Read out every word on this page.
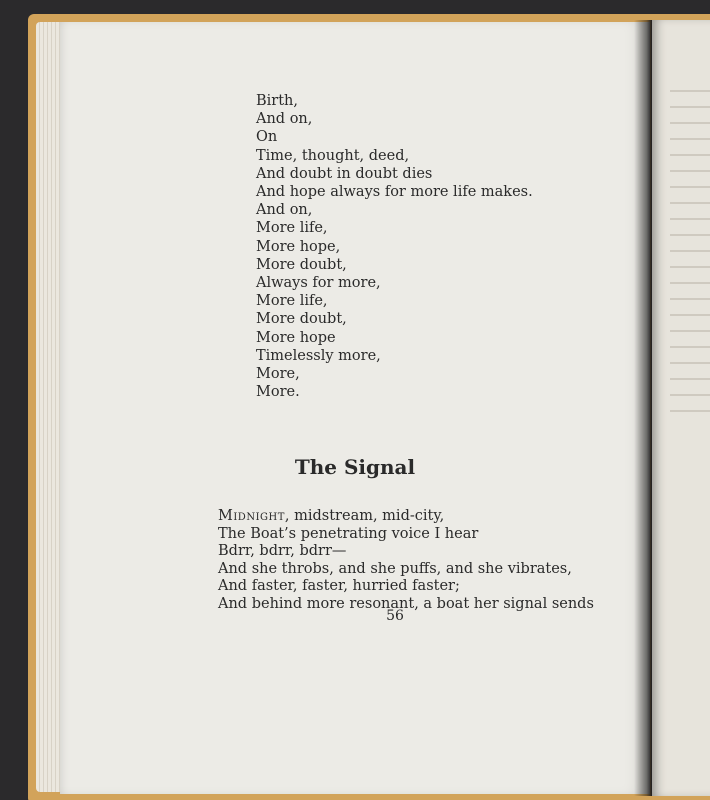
Birth,
And on,
On
Time, thought, deed,
And doubt in doubt dies
And hope always for more life makes.
And on,
More life,
More hope,
More doubt,
Always for more,
More life,
More doubt,
More hope
Timelessly more,
More,
More.
The Signal
Midnight, midstream, mid-city,
The Boat’s penetrating voice I hear
Bdrr, bdrr, bdrr—
And she throbs, and she puffs, and she vibrates,
And faster, faster, hurried faster;
And behind more resonant, a boat her signal sends
56
